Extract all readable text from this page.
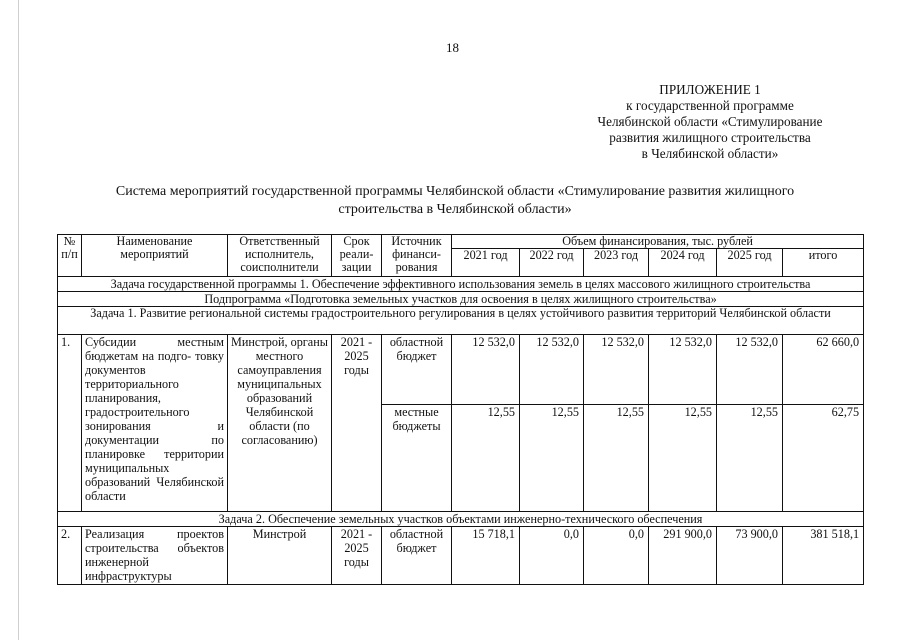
18
ПРИЛОЖЕНИЕ 1
к государственной программе
Челябинской области «Стимулирование
развития жилищного строительства
в Челябинской области»
Система мероприятий государственной программы Челябинской области «Стимулирование развития жилищного
строительства в Челябинской области»
№ п/п	Наименование мероприятий	Ответственный исполнитель, соисполнители	Срок реали- зации	Источник финанси- рования	Объем финансирования, тыс. рублей					
					2021 год	2022 год	2023 год	2024 год	2025 год	итого
Задача государственной программы 1. Обеспечение эффективного использования земель в целях массового жилищного строительства										
Подпрограмма «Подготовка земельных участков для освоения в целях жилищного строительства»										
Задача 1. Развитие региональной системы градостроительного регулирования в целях устойчивого развития территорий Челябинской области										
1.	Субсидии местным бюджетам на подго- товку документов территориального планирования, градостроительного зонирования и документации по планировке территории муниципальных образований Челябинской области	Минстрой, органы местного самоуправления муниципальных образований Челябинской области (по согласованию)	2021 - 2025 годы	областной бюджет	12 532,0	12 532,0	12 532,0	12 532,0	12 532,0	62 660,0
				местные бюджеты	12,55	12,55	12,55	12,55	12,55	62,75
Задача 2. Обеспечение земельных участков объектами инженерно-технического обеспечения										
2.	Реализация проектов строительства объектов инженерной инфраструктуры	Минстрой	2021 - 2025 годы	областной бюджет	15 718,1	0,0	0,0	291 900,0	73 900,0	381 518,1
